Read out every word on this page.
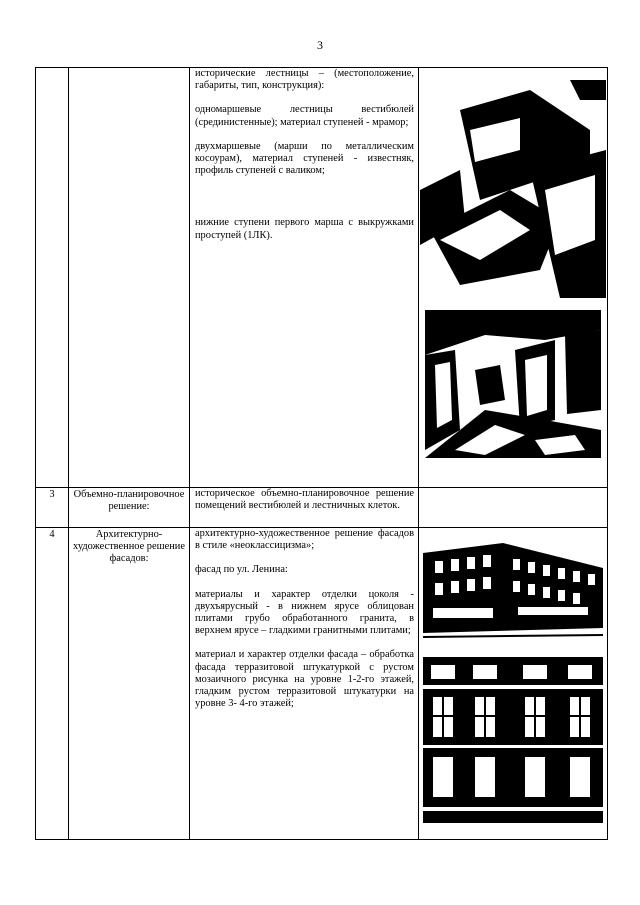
3

		исторические лестницы – (местоположение, габариты, тип, конструкция):

одномаршевые лестницы вестибюлей (срединистенные); материал ступеней - мрамор;

двухмаршевые (марши по металлическим косоурам), материал ступеней - известняк, профиль ступеней с валиком;

нижние ступени первого марша с выкружками проступей (1ЛК).

3	Объемно-планировочное решение:	историческое объемно-планировочное решение помещений вестибюлей и лестничных клеток.	

4	Архитектурно-художественное решение фасадов:	архитектурно-художественное решение фасадов в стиле «неоклассицизма»;

фасад по ул. Ленина:

материалы и характер отделки цоколя - двухъярусный - в нижнем ярусе облицован плитами грубо обработанного гранита, в верхнем ярусе – гладкими гранитными плитами;

материал и характер отделки фасада – обработка фасада терразитовой штукатуркой с рустом мозаичного рисунка на уровне 1-2-го этажей, гладким рустом терразитовой штукатурки на уровне 3- 4-го этажей;
